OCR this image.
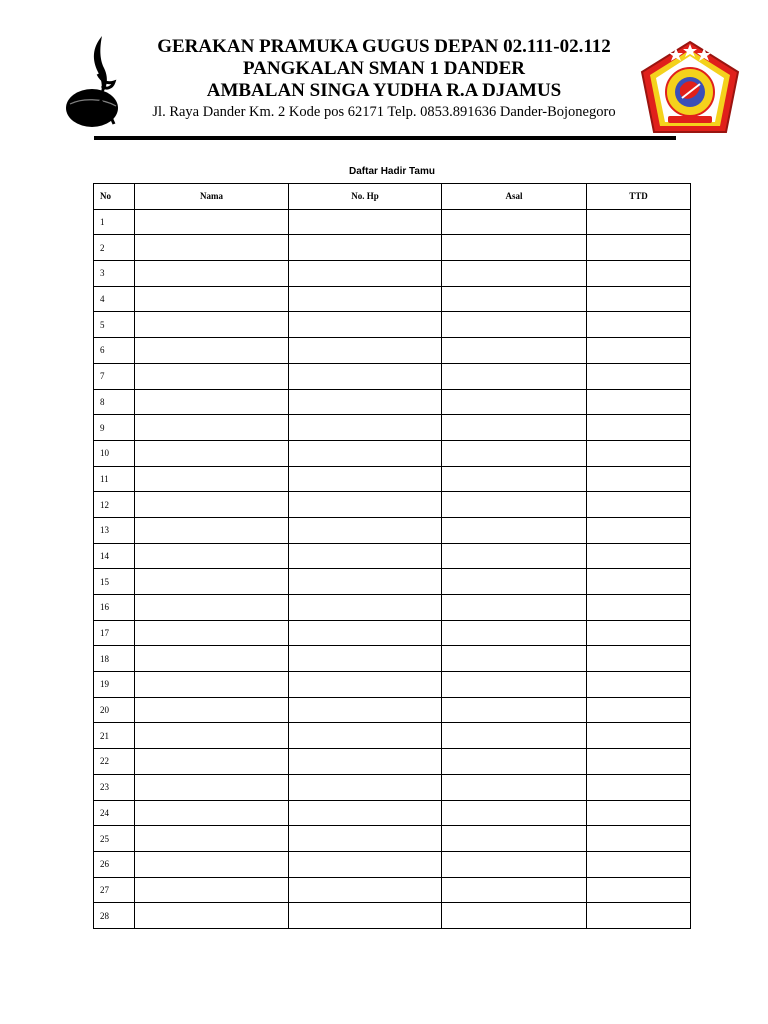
GERAKAN PRAMUKA GUGUS DEPAN 02.111-02.112
PANGKALAN SMAN 1 DANDER
AMBALAN SINGA YUDHA R.A DJAMUS
Jl. Raya Dander Km. 2 Kode pos 62171 Telp. 0853.891636 Dander-Bojonegoro
Daftar Hadir Tamu
No	Nama	No. Hp	Asal	TTD
1				
2				
3				
4				
5				
6				
7				
8				
9				
10				
11				
12				
13				
14				
15				
16				
17				
18				
19				
20				
21				
22				
23				
24				
25				
26				
27				
28				
